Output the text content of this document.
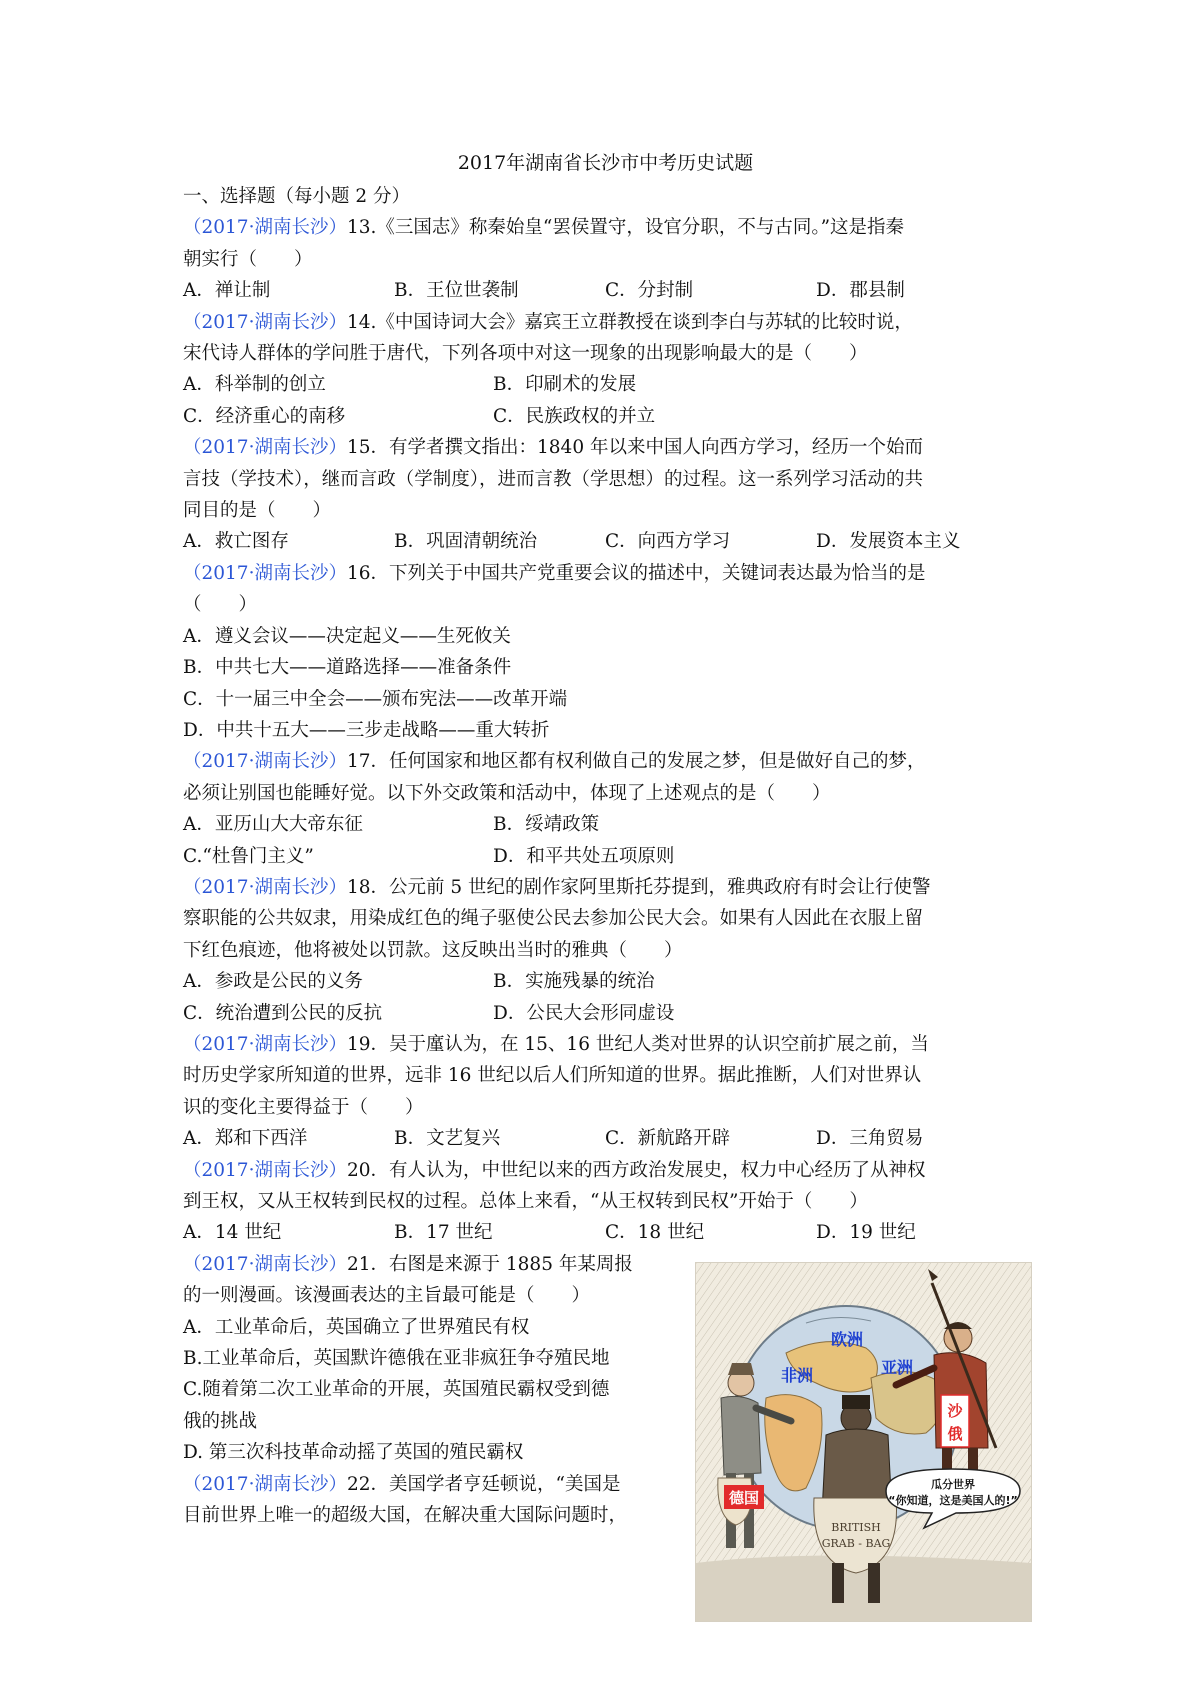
2017年湖南省长沙市中考历史试题
一、选择题（每小题 2 分）
（2017·湖南长沙）13.《三国志》称秦始皇“罢侯置守，设官分职，不与古同。”这是指秦
朝实行（　　）
A．禅让制	B．王位世袭制	C．分封制	D．郡县制
（2017·湖南长沙）14.《中国诗词大会》嘉宾王立群教授在谈到李白与苏轼的比较时说，
宋代诗人群体的学问胜于唐代，下列各项中对这一现象的出现影响最大的是（　　）
A．科举制的创立	B．印刷术的发展
C．经济重心的南移	C．民族政权的并立
（2017·湖南长沙）15．有学者撰文指出：1840 年以来中国人向西方学习，经历一个始而
言技（学技术），继而言政（学制度），进而言教（学思想）的过程。这一系列学习活动的共
同目的是（　　）
A．救亡图存	B．巩固清朝统治	C．向西方学习	D．发展资本主义
（2017·湖南长沙）16．下列关于中国共产党重要会议的描述中，关键词表达最为恰当的是
（　　）
A．遵义会议——决定起义——生死攸关
B．中共七大——道路选择——准备条件
C．十一届三中全会——颁布宪法——改革开端
D．中共十五大——三步走战略——重大转折
（2017·湖南长沙）17．任何国家和地区都有权利做自己的发展之梦，但是做好自己的梦，
必须让别国也能睡好觉。以下外交政策和活动中，体现了上述观点的是（　　）
A．亚历山大大帝东征	B．绥靖政策
C.“杜鲁门主义”	D．和平共处五项原则
（2017·湖南长沙）18．公元前 5 世纪的剧作家阿里斯托芬提到，雅典政府有时会让行使警
察职能的公共奴隶，用染成红色的绳子驱使公民去参加公民大会。如果有人因此在衣服上留
下红色痕迹，他将被处以罚款。这反映出当时的雅典（　　）
A．参政是公民的义务	B．实施残暴的统治
C．统治遭到公民的反抗	D．公民大会形同虚设
（2017·湖南长沙）19．吴于廑认为，在 15、16 世纪人类对世界的认识空前扩展之前，当
时历史学家所知道的世界，远非 16 世纪以后人们所知道的世界。据此推断，人们对世界认
识的变化主要得益于（　　）
A．郑和下西洋	B．文艺复兴	C．新航路开辟	D．三角贸易
（2017·湖南长沙）20．有人认为，中世纪以来的西方政治发展史，权力中心经历了从神权
到王权，又从王权转到民权的过程。总体上来看，“从王权转到民权”开始于（　　）
A．14 世纪	B．17 世纪	C．18 世纪	D．19 世纪
（2017·湖南长沙）21．右图是来源于 1885 年某周报
的一则漫画。该漫画表达的主旨最可能是（　　）
A．工业革命后，英国确立了世界殖民有权
B.工业革命后，英国默许德俄在亚非疯狂争夺殖民地
C.随着第二次工业革命的开展，英国殖民霸权受到德
俄的挑战
D. 第三次科技革命动摇了英国的殖民霸权
（2017·湖南长沙）22．美国学者亨廷顿说，“美国是
目前世界上唯一的超级大国，在解决重大国际问题时，
德国
沙
俄
BRITISH
GRAB - BAG
欧洲
非洲	亚洲
瓜分世界
“你知道，这是美国人的!”
